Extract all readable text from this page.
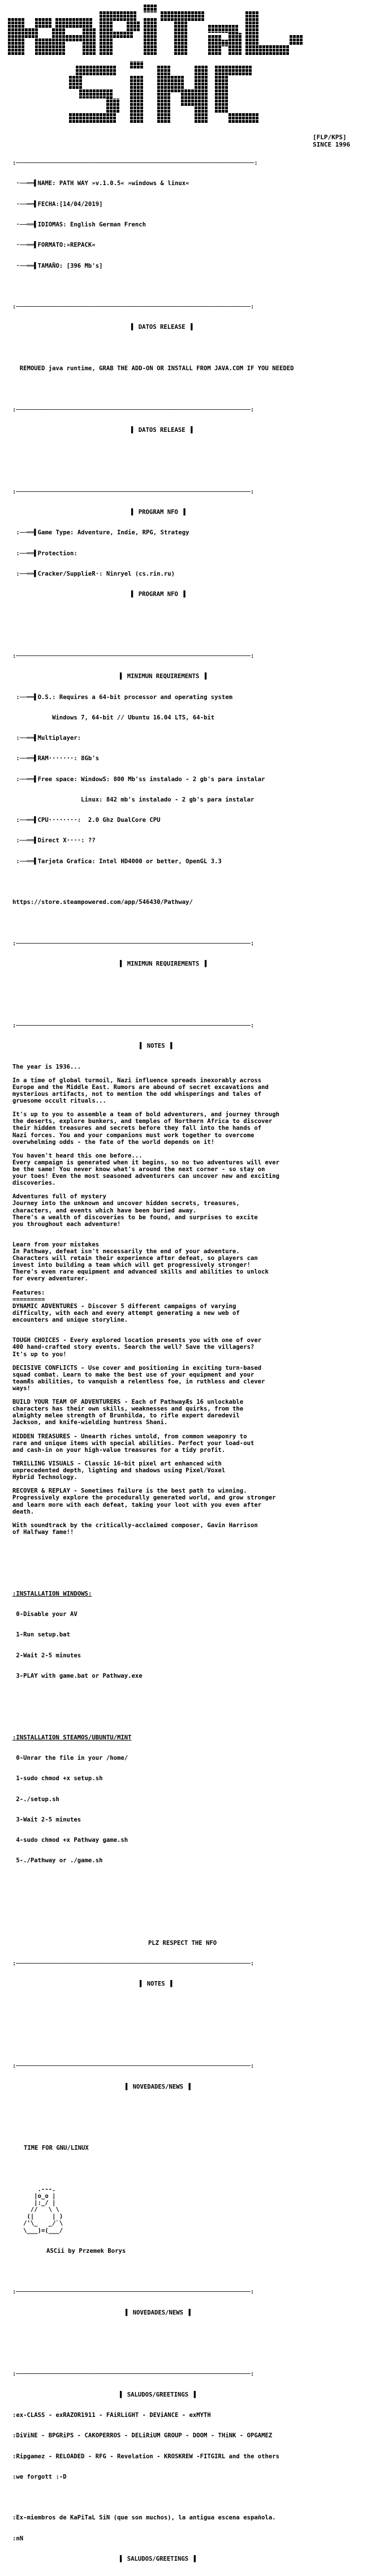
[FLP/KPS]
SINCE 1996

:──────────────────────────────────────────────────────────────────:

·──══▌NAME: PATH WAY »v.1.0.5« »windows & linux«

·──══▌FECHA:[14/04/2019]

·──══▌IDIOMAS: English German French

·──══▌FORMATO:»REPACK«

·──══▌TAMAÑO: [396 Mb's]

:─────────────────────────────────────────────────────────────────:

▌ DATOS RELEASE ▐

REMOUED java runtime, GRAB THE ADD-ON OR INSTALL FROM JAVA.COM IF YOU NEEDED

:─────────────────────────────────────────────────────────────────:

▌ DATOS RELEASE ▐

:─────────────────────────────────────────────────────────────────:

▌ PROGRAM NFO ▐

:──══▌Game Type: Adventure, Indie, RPG, Strategy

:──══▌Protection:

:──══▌Cracker/SupplieR·: Ninryel (cs.rin.ru)

▌ PROGRAM NFO ▐

:─────────────────────────────────────────────────────────────────:

▌ MINIMUN REQUIREMENTS ▐

:──══▌O.S.: Requires a 64-bit processor and operating system

Windows 7, 64-bit // Ubuntu 16.04 LTS, 64-bit

:──══▌Multiplayer:

:──══▌RAM·······: 8Gb's

:──══▌Free space: WindowS: 800 Mb'ss instalado - 2 gb's para instalar

Linux: 842 mb's instalado - 2 gb's para instalar

:──══▌CPU········:  2.0 Ghz DualCore CPU

:──══▌Direct X····: ??

:──══▌Tarjeta Grafica: Intel HD4000 or better, OpenGL 3.3

https://store.steampowered.com/app/546430/Pathway/

:─────────────────────────────────────────────────────────────────:

▌ MINIMUN REQUIREMENTS ▐

:─────────────────────────────────────────────────────────────────:

▌ NOTES ▐

The year is 1936...
In a time of global turmoil, Nazi influence spreads inexorably across
Europe and the Middle East. Rumors are abound of secret excavations and
mysterious artifacts, not to mention the odd whisperings and tales of
gruesome occult rituals...
It's up to you to assemble a team of bold adventurers, and journey through
the deserts, explore bunkers, and temples of Northern Africa to discover
their hidden treasures and secrets before they fall into the hands of
Nazi forces. You and your companions must work together to overcome
overwhelming odds - the fate of the world depends on it!
You haven't heard this one before...
Every campaign is generated when it begins, so no two adventures will ever
be the same! You never know what's around the next corner - so stay on
your toes! Even the most seasoned adventurers can uncover new and exciting
discoveries.
Adventures full of mystery
Journey into the unknown and uncover hidden secrets, treasures,
characters, and events which have been buried away.
There's a wealth of discoveries to be found, and surprises to excite
you throughout each adventure!
Learn from your mistakes
In Pathway, defeat isn't necessarily the end of your adventure.
Characters will retain their experience after defeat, so players can
invest into building a team which will get progressively stronger!
There's even rare equipment and advanced skills and abilities to unlock
for every adventurer.
Features:
=========
DYNAMIC ADVENTURES - Discover 5 different campaigns of varying
difficulty, with each and every attempt generating a new web of
encounters and unique storyline.
TOUGH CHOICES - Every explored location presents you with one of over
400 hand-crafted story events. Search the well? Save the villagers?
It's up to you!
DECISIVE CONFLICTS - Use cover and positioning in exciting turn-based
squad combat. Learn to make the best use of your equipment and your
teamÆs abilities, to vanquish a relentless foe, in ruthless and clever
ways!
BUILD YOUR TEAM OF ADVENTURERS - Each of PathwayÆs 16 unlockable
characters has their own skills, weaknesses and quirks, from the
almighty melee strength of Brunhilda, to rifle expert daredevil
Jackson, and knife-wielding huntress Shani.
HIDDEN TREASURES - Unearth riches untold, from common weaponry to
rare and unique items with special abilities. Perfect your load-out
and cash-in on your high-value treasures for a tidy profit.
THRILLING VISUALS - Classic 16-bit pixel art enhanced with
unprecedented depth, lighting and shadows using Pixel/Voxel
Hybrid Technology.
RECOVER & REPLAY - Sometimes failure is the best path to winning.
Progressively explore the procedurally generated world, and grow stronger
and learn more with each defeat, taking your loot with you even after
death.
With soundtrack by the critically-acclaimed composer, Gavin Harrison
of Halfway fame!!

:INSTALLATION WINDOWS:

0-Disable your AV

1-Run setup.bat

2-Wait 2-5 minutes

3-PLAY with game.bat or Pathway.exe

:INSTALLATION STEAMOS/UBUNTU/MINT

0-Unrar the file in your /home/

1-sudo chmod +x setup.sh

2-./setup.sh

3-Wait 2-5 minutes

4-sudo chmod +x Pathway game.sh

5-./Pathway or ./game.sh

PLZ RESPECT THE NFO

:─────────────────────────────────────────────────────────────────:

▌ NOTES ▐

:─────────────────────────────────────────────────────────────────:

▌ NOVEDADES/NEWS ▐

TIME FOR GNU/LINUX

.---.
|o_o |
|:_/ |
//   \ \
(|     | )
/'\_   _/`\
\___)=(___/

ASCii by Przemek Borys

:─────────────────────────────────────────────────────────────────:

▌ NOVEDADES/NEWS ▐

:─────────────────────────────────────────────────────────────────:

▌ SALUDOS/GREETINGS ▐

:ex-CLASS - exRAZOR1911 - FAiRLiGHT - DEViANCE - exMYTH

:DiViNE - BPGRiPS - CAKOPERROS - DELiRiUM GROUP - DOOM - THiNK - OPGAMEZ

:Ripgamez - RELOADED - RFG - Revelation - KROSKREW -FITGIRL and the others

:we forgott :-D

:Ex-miembros de KaPiTaL SiN (que son muchos), la antigua escena española.

:nN

▌ SALUDOS/GREETINGS ▐
